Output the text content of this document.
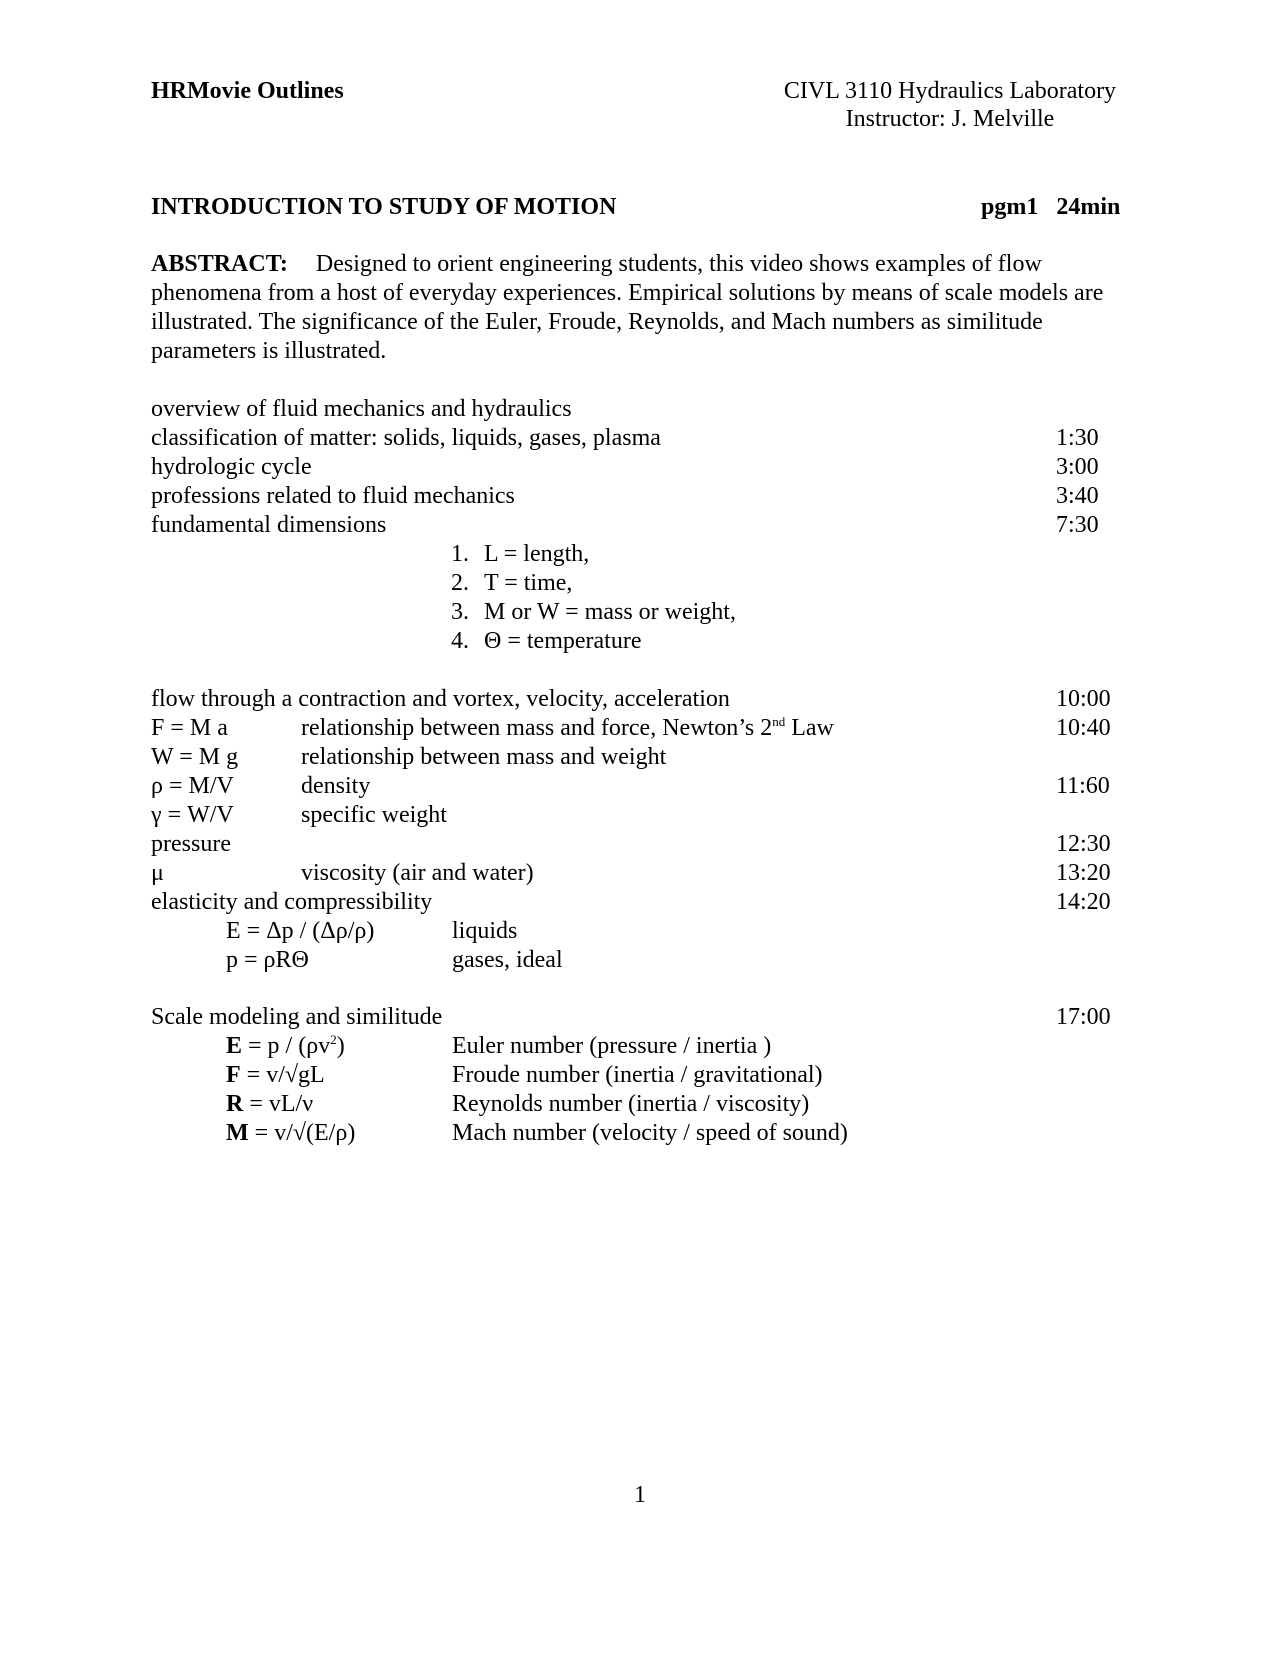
HRMovie Outlines	CIVL 3110 Hydraulics Laboratory
Instructor: J. Melville
INTRODUCTION TO STUDY OF MOTION	pgm1 24min
ABSTRACT: Designed to orient engineering students, this video shows examples of flow phenomena from a host of everyday experiences. Empirical solutions by means of scale models are illustrated. The significance of the Euler, Froude, Reynolds, and Mach numbers as similitude parameters is illustrated.
overview of fluid mechanics and hydraulics
classification of matter: solids, liquids, gases, plasma	1:30
hydrologic cycle	3:00
professions related to fluid mechanics	3:40
fundamental dimensions	7:30
1. L = length,
2. T = time,
3. M or W = mass or weight,
4. Θ = temperature
flow through a contraction and vortex, velocity, acceleration	10:00
F = M a	relationship between mass and force, Newton’s 2nd Law	10:40
W = M g	relationship between mass and weight
ρ = M/V	density	11:60
γ = W/V	specific weight
pressure	12:30
μ	viscosity (air and water)	13:20
elasticity and compressibility	14:20
E = Δp / (Δρ/ρ)	liquids
p = ρRΘ	gases, ideal
Scale modeling and similitude	17:00
$E = p / (\rho v^2)$	Euler number (pressure / inertia )
F = v/√gL	Froude number (inertia / gravitational)
R = vL/ν	Reynolds number (inertia / viscosity)
M = v/√(E/ρ)	Mach number (velocity / speed of sound)
1
